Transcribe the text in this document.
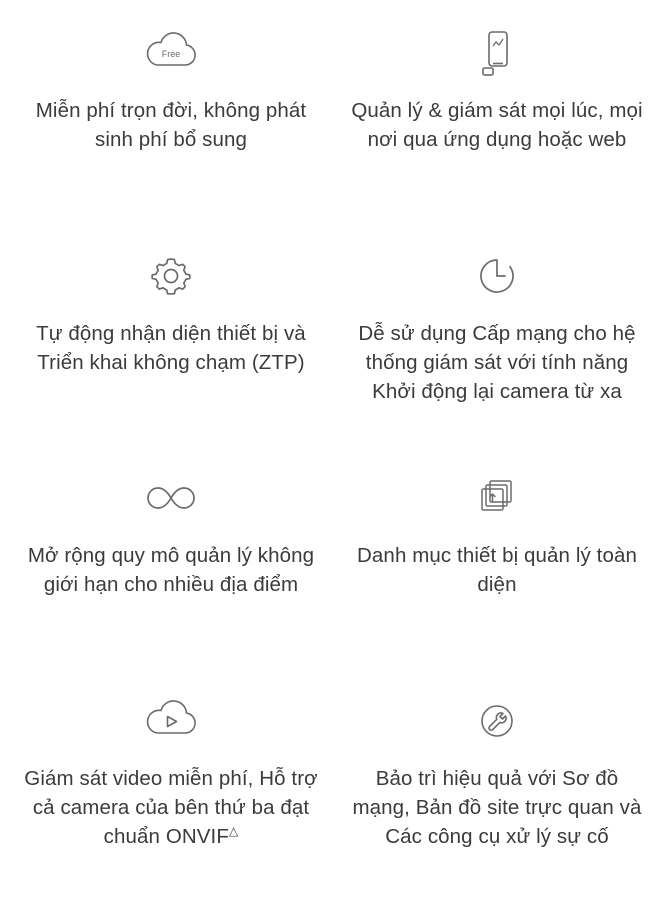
Free
Miễn phí trọn đời, không phát sinh phí bổ sung
Quản lý & giám sát mọi lúc, mọi nơi qua ứng dụng hoặc web
Tự động nhận diện thiết bị và Triển khai không chạm (ZTP)
Dễ sử dụng Cấp mạng cho hệ thống giám sát với tính năng Khởi động lại camera từ xa
Mở rộng quy mô quản lý không giới hạn cho nhiều địa điểm
Danh mục thiết bị quản lý toàn diện
Giám sát video miễn phí, Hỗ trợ cả camera của bên thứ ba đạt chuẩn ONVIF△
Bảo trì hiệu quả với Sơ đồ mạng, Bản đồ site trực quan và Các công cụ xử lý sự cố
